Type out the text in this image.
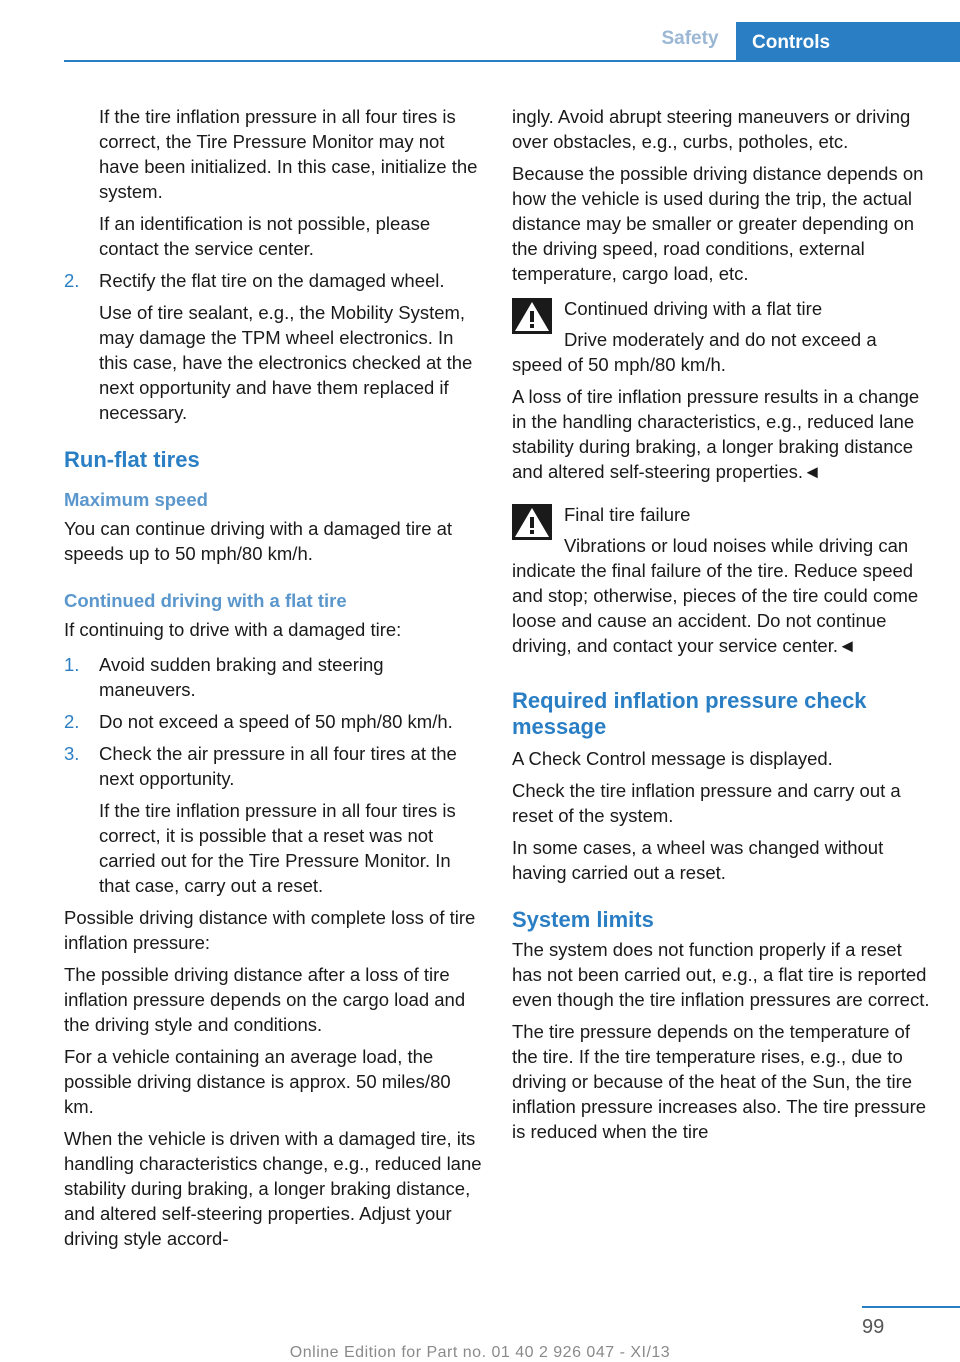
Safety	Controls

If the tire inflation pressure in all four tires is correct, the Tire Pressure Monitor may not have been initialized. In this case, initialize the system.

If an identification is not possible, please contact the service center.

2. Rectify the flat tire on the damaged wheel.

Use of tire sealant, e.g., the Mobility System, may damage the TPM wheel electronics. In this case, have the electronics checked at the next opportunity and have them replaced if necessary.

Run-flat tires
Maximum speed

You can continue driving with a damaged tire at speeds up to 50 mph/80 km/h.

Continued driving with a flat tire

If continuing to drive with a damaged tire:

1. Avoid sudden braking and steering maneuvers.
2. Do not exceed a speed of 50 mph/80 km/h.
3. Check the air pressure in all four tires at the next opportunity.

If the tire inflation pressure in all four tires is correct, it is possible that a reset was not carried out for the Tire Pressure Monitor. In that case, carry out a reset.

Possible driving distance with complete loss of tire inflation pressure:

The possible driving distance after a loss of tire inflation pressure depends on the cargo load and the driving style and conditions.

For a vehicle containing an average load, the possible driving distance is approx. 50 miles/80 km.

When the vehicle is driven with a damaged tire, its handling characteristics change, e.g., reduced lane stability during braking, a longer braking distance, and altered self-steering properties. Adjust your driving style accord-

ingly. Avoid abrupt steering maneuvers or driving over obstacles, e.g., curbs, potholes, etc.

Because the possible driving distance depends on how the vehicle is used during the trip, the actual distance may be smaller or greater depending on the driving speed, road conditions, external temperature, cargo load, etc.

Continued driving with a flat tire

Drive moderately and do not exceed a speed of 50 mph/80 km/h.

A loss of tire inflation pressure results in a change in the handling characteristics, e.g., reduced lane stability during braking, a longer braking distance and altered self-steering properties.◄

Final tire failure

Vibrations or loud noises while driving can indicate the final failure of the tire. Reduce speed and stop; otherwise, pieces of the tire could come loose and cause an accident. Do not continue driving, and contact your service center.◄

Required inflation pressure check message

A Check Control message is displayed.

Check the tire inflation pressure and carry out a reset of the system.

In some cases, a wheel was changed without having carried out a reset.

System limits

The system does not function properly if a reset has not been carried out, e.g., a flat tire is reported even though the tire inflation pressures are correct.

The tire pressure depends on the temperature of the tire. If the tire temperature rises, e.g., due to driving or because of the heat of the Sun, the tire inflation pressure increases also. The tire pressure is reduced when the tire

99
Online Edition for Part no. 01 40 2 926 047 - XI/13
